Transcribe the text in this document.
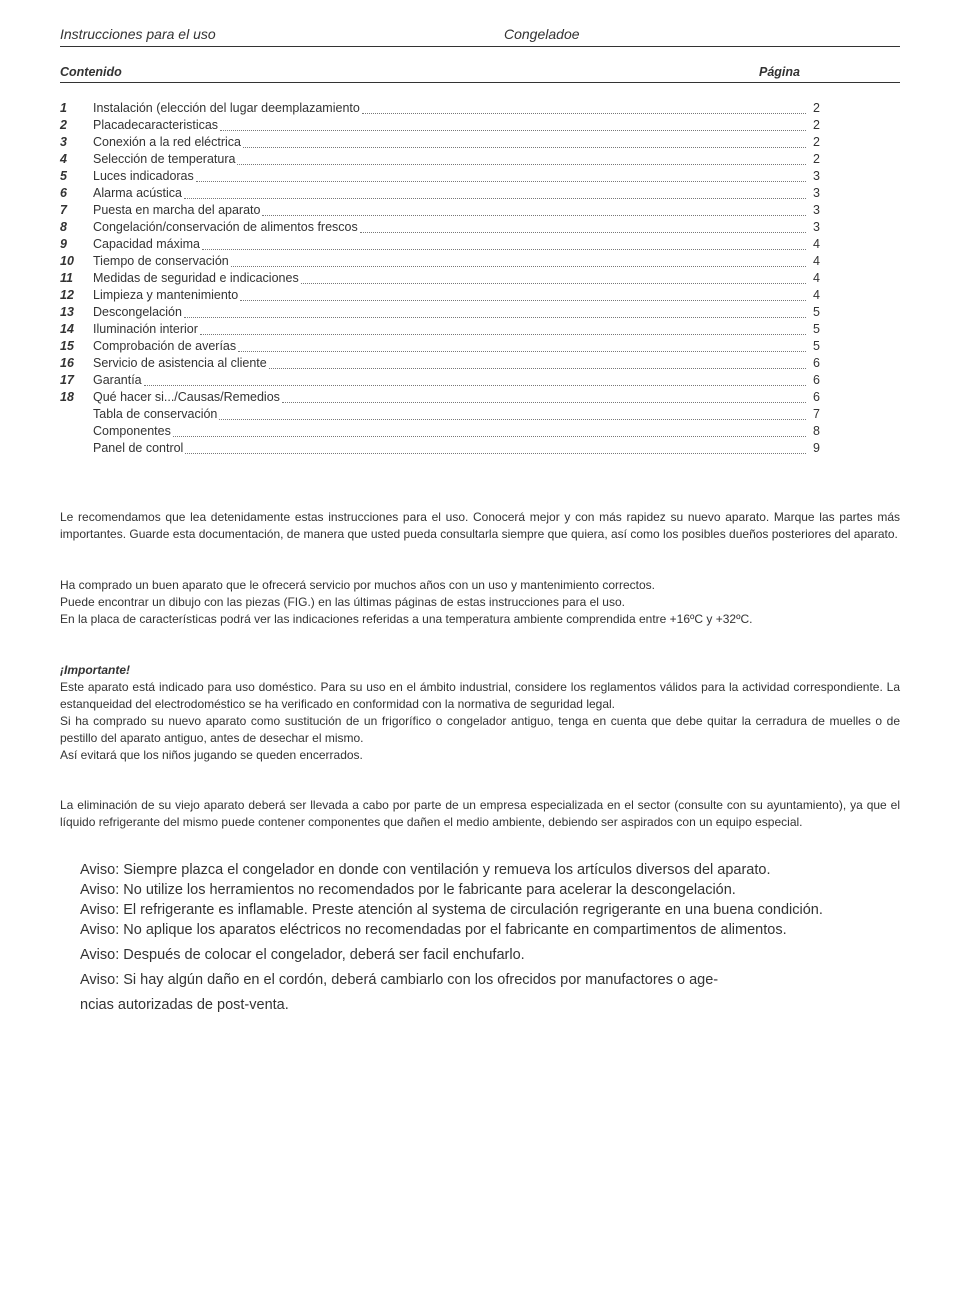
Instrucciones para el uso	Congeladoe
Contenido	Página
1	Instalación (elección del lugar deemplazamiento	2
2	Placadecaracteristicas	2
3	Conexión a la red eléctrica	2
4	Selección de temperatura	2
5	Luces indicadoras	3
6	Alarma acústica	3
7	Puesta en marcha del aparato	3
8	Congelación/conservación de alimentos frescos	3
9	Capacidad máxima	4
10	Tiempo de conservación	4
11	Medidas de seguridad e indicaciones	4
12	Limpieza y mantenimiento	4
13	Descongelación	5
14	Iluminación interior	5
15	Comprobación de averías	5
16	Servicio de asistencia al cliente	6
17	Garantía	6
18	Qué hacer si.../Causas/Remedios	6
Tabla de conservación	7
Componentes	8
Panel de control	9

Le recomendamos que lea detenidamente estas instrucciones para el uso. Conocerá mejor y con más rapidez su nuevo aparato. Marque las partes más importantes. Guarde esta documentación, de manera que usted pueda consultarla siempre que quiera, así como los posibles dueños posteriores del aparato.

Ha comprado un buen aparato que le ofrecerá servicio por muchos años con un uso y mantenimiento correctos.

Puede encontrar un dibujo con las piezas (FIG.) en las últimas páginas de estas instrucciones para el uso.

En la placa de características podrá ver las indicaciones referidas a una temperatura ambiente comprendida entre +16ºC y +32ºC.

¡Importante!

Este aparato está indicado para uso doméstico. Para su uso en el ámbito industrial, considere los reglamentos válidos para la actividad correspondiente. La estanqueidad del electrodoméstico se ha verificado en conformidad con la normativa de seguridad legal.

Si ha comprado su nuevo aparato como sustitución de un frigorífico o congelador antiguo, tenga en cuenta que debe quitar la cerradura de muelles o de pestillo del aparato antiguo, antes de desechar el mismo.

Así evitará que los niños jugando se queden encerrados.

La eliminación de su viejo aparato deberá ser llevada a cabo por parte de un empresa especializada en el sector (consulte con su ayuntamiento), ya que el líquido refrigerante del mismo puede contener componentes que dañen el medio ambiente, debiendo ser aspirados con un equipo especial.

Aviso: Siempre plazca el congelador en donde con ventilación y remueva los artículos diversos del aparato.

Aviso: No utilize los herramientos no recomendados por le fabricante para acelerar la descongelación.

Aviso: El refrigerante es inflamable. Preste atención al systema de circulación regrigerante en una buena condición.

Aviso: No aplique los aparatos eléctricos no recomendadas por el fabricante en compartimentos de alimentos.

Aviso: Después de colocar el congelador, deberá ser facil enchufarlo.

Aviso: Si hay algún daño en el cordón, deberá cambiarlo con los ofrecidos por manufactores o age-

ncias autorizadas de post-venta.
